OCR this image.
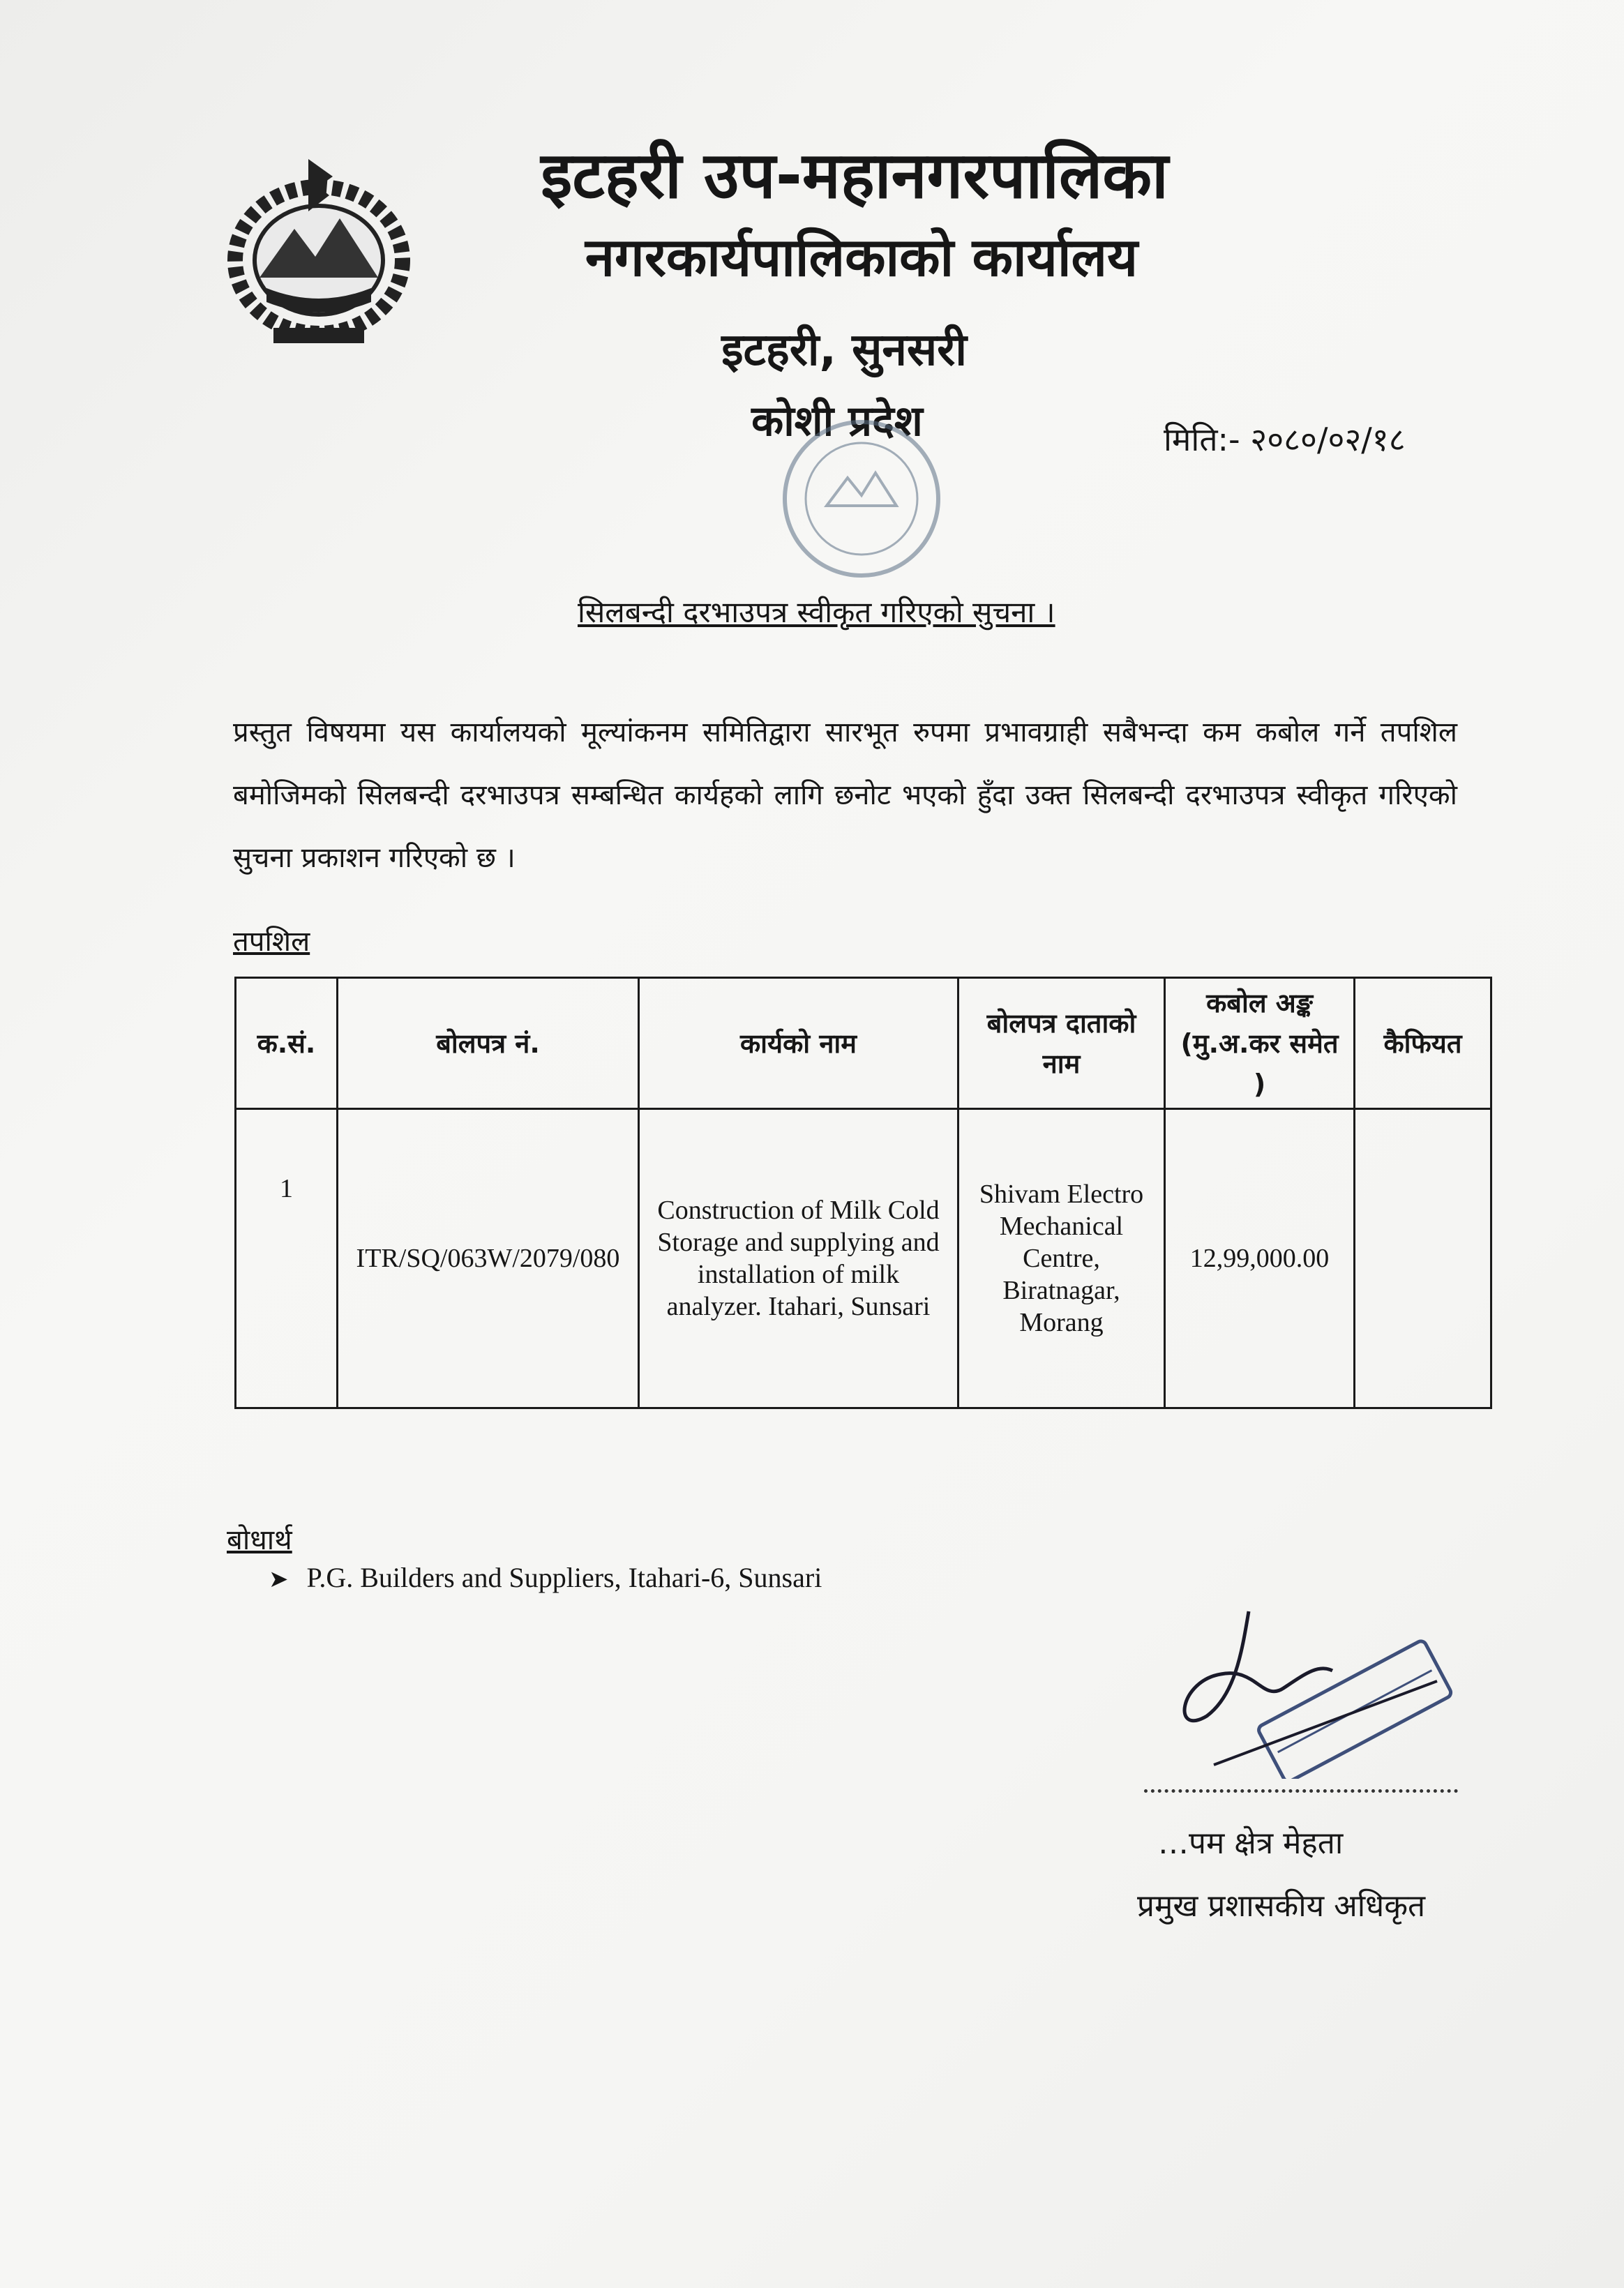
इटहरी उप-महानगरपालिका
नगरकार्यपालिकाको कार्यालय
इटहरी, सुनसरी
कोशी प्रदेश	मिति:- २०८०/०२/१८
सिलबन्दी दरभाउपत्र स्वीकृत गरिएको सुचना ।
प्रस्तुत विषयमा यस कार्यालयको मूल्यांकनम समितिद्वारा सारभूत रुपमा प्रभावग्राही सबैभन्दा कम कबोल गर्ने तपशिल बमोजिमको सिलबन्दी दरभाउपत्र सम्बन्धित कार्यहको लागि छनोट भएको हुँदा उक्त सिलबन्दी दरभाउपत्र स्वीकृत गरिएको सुचना प्रकाशन गरिएको छ ।
तपशिल
क.सं.	बोलपत्र नं.	कार्यको नाम	बोलपत्र दाताको नाम	कबोल अङ्क (मु.अ.कर समेत )	कैफियत
1	ITR/SQ/063W/2079/080	Construction of Milk Cold Storage and supplying and installation of milk analyzer. Itahari, Sunsari	Shivam Electro Mechanical Centre, Biratnagar, Morang	12,99,000.00	
बोधार्थ
➤ P.G. Builders and Suppliers, Itahari-6, Sunsari
…पम क्षेत्र मेहता
प्रमुख प्रशासकीय अधिकृत
